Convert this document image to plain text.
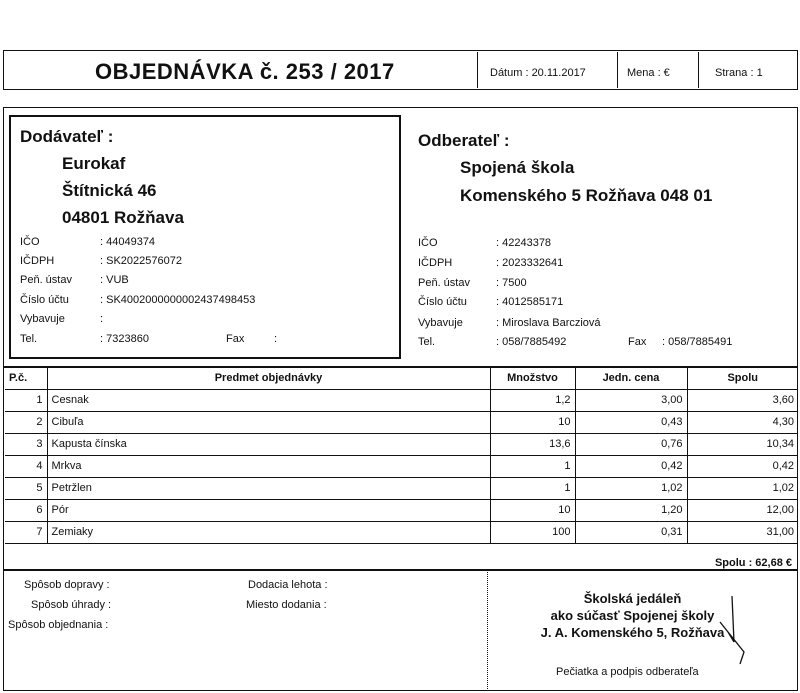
OBJEDNÁVKA č. 253 / 2017	Dátum : 20.11.2017	Mena : €	Strana : 1
Dodávateľ :
Eurokaf
Štítnická 46
04801 Rožňava
IČO	: 44049374
IČDPH	: SK2022576072
Peň. ústav	: VUB
Číslo účtu	: SK4002000000002437498453
Vybavuje	:
Tel.	: 7323860	Fax	:
Odberateľ :
Spojená škola
Komenského 5 Rožňava 048 01
IČO	: 42243378
IČDPH	: 2023332641
Peň. ústav : 7500
Číslo účtu	: 4012585171
Vybavuje	: Miroslava Barcziová
Tel.	: 058/7885492	Fax : 058/7885491
P.č.	Predmet objednávky	Množstvo	Jedn. cena	Spolu
1	Cesnak	1,2	3,00	3,60
2	Cibuľa	10	0,43	4,30
3	Kapusta čínska	13,6	0,76	10,34
4	Mrkva	1	0,42	0,42
5	Petržlen	1	1,02	1,02
6	Pór	10	1,20	12,00
7	Zemiaky	100	0,31	31,00
Spolu : 62,68 €
Spôsob dopravy :
Spôsob úhrady :
Spôsob objednania :
Dodacia lehota :
Miesto dodania :	Školská jedáleň
ako súčasť Spojenej školy
J. A. Komenského 5, Rožňava
Pečiatka a podpis odberateľa
